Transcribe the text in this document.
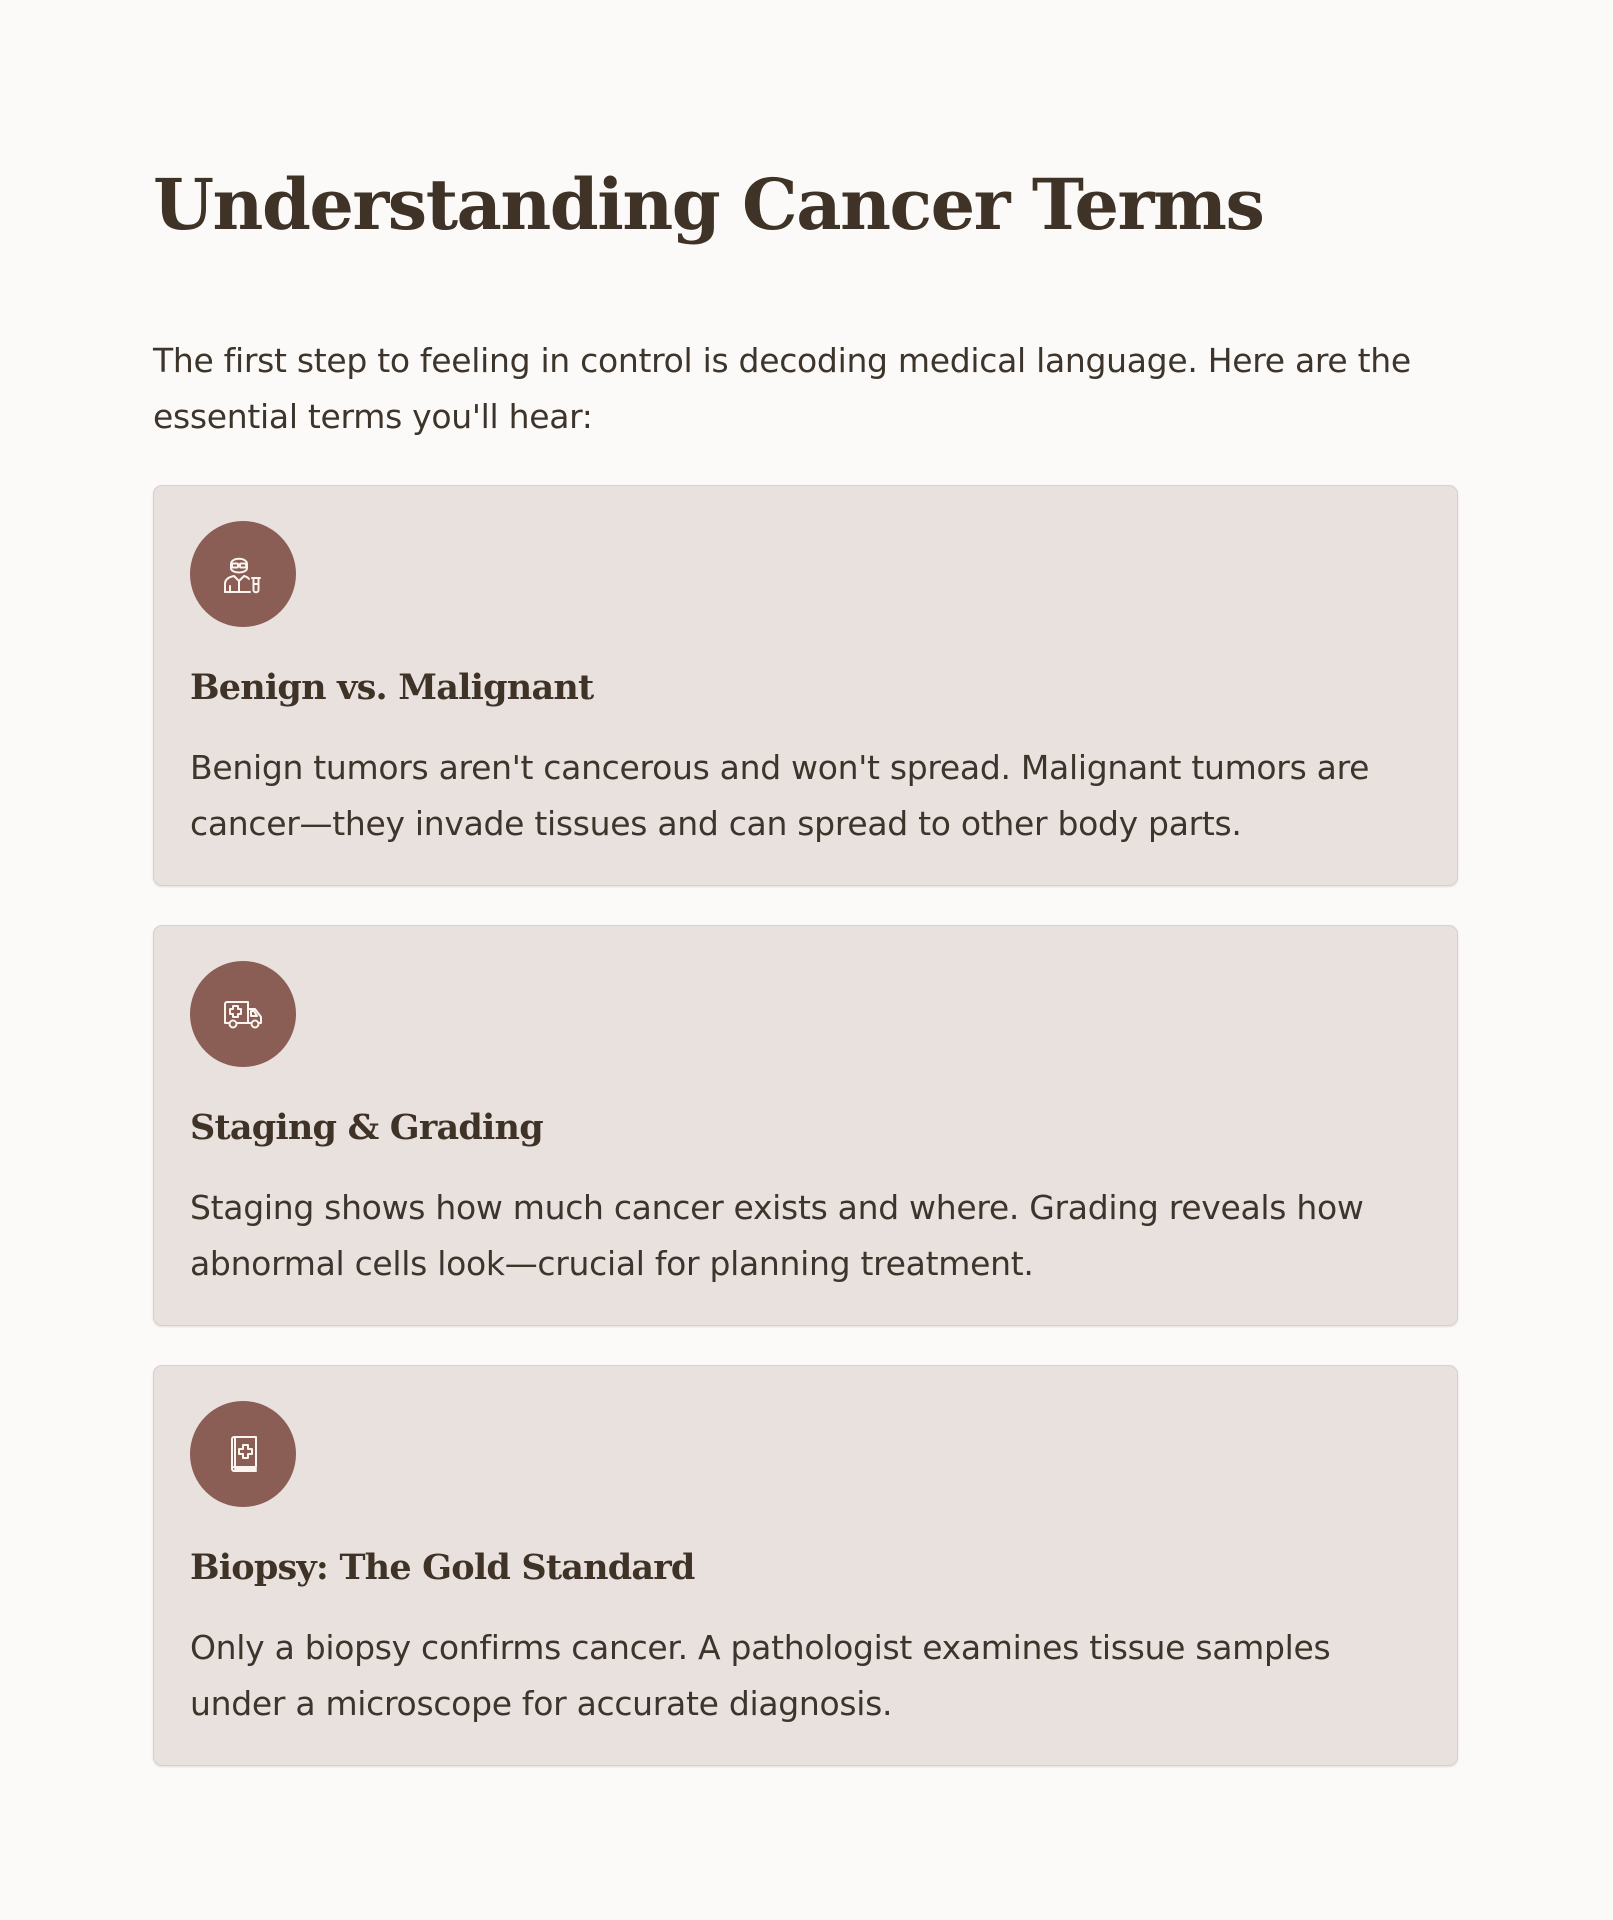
Understanding Cancer Terms

The first step to feeling in control is decoding medical language. Here are the essential terms you'll hear:

Benign vs. Malignant

Benign tumors aren't cancerous and won't spread. Malignant tumors are cancer—they invade tissues and can spread to other body parts.

Staging & Grading

Staging shows how much cancer exists and where. Grading reveals how abnormal cells look—crucial for planning treatment.

Biopsy: The Gold Standard

Only a biopsy confirms cancer. A pathologist examines tissue samples under a microscope for accurate diagnosis.
